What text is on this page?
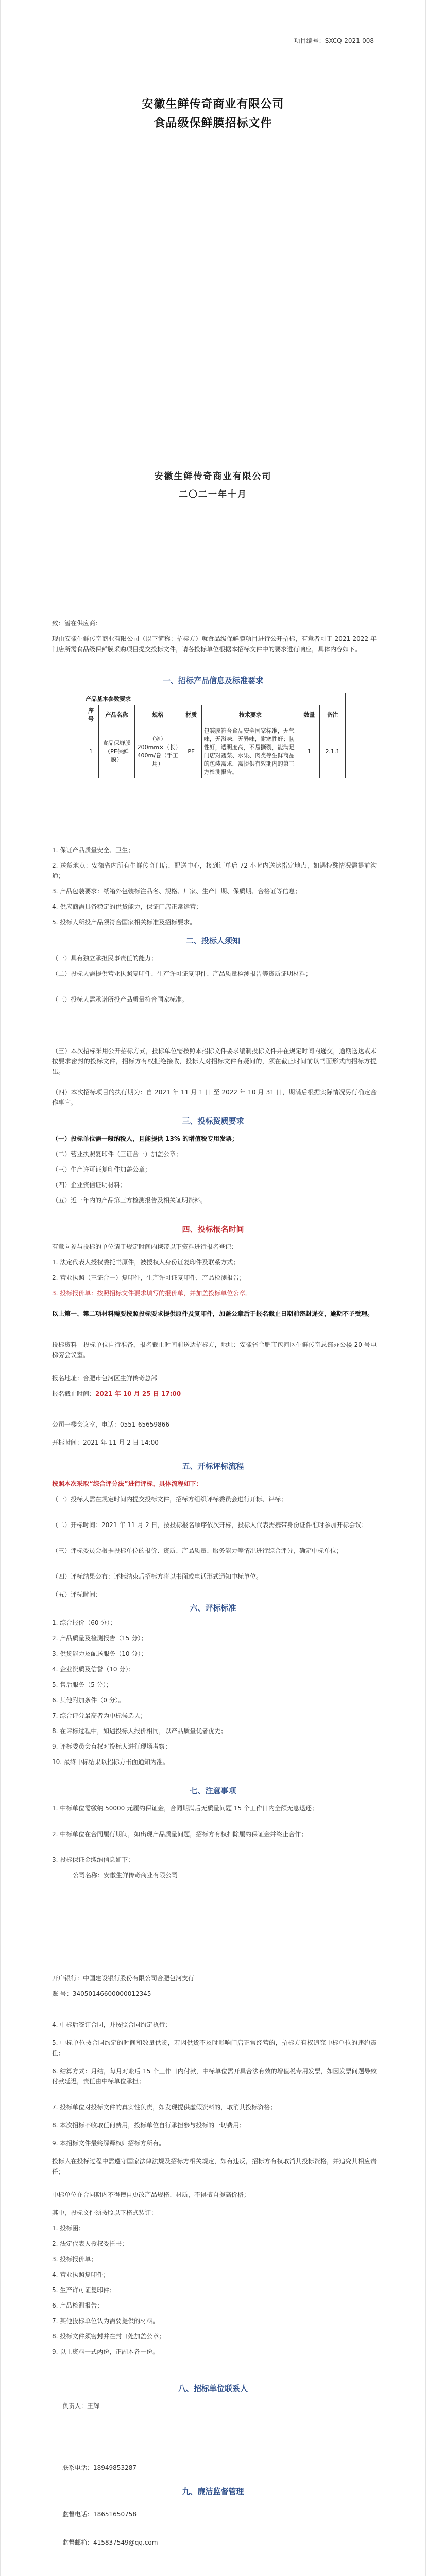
项目编号：SXCQ-2021-008
安徽生鲜传奇商业有限公司
食品级保鲜膜招标文件
安徽生鲜传奇商业有限公司
二〇二一年十月
致：潜在供应商：
现由安徽生鲜传奇商业有限公司（以下简称：招标方）就食品级保鲜膜项目进行公开招标，有意者可于 2021-2022 年门店所需食品级保鲜膜采购项目提交投标文件，请各投标单位根据本招标文件中的要求进行响应，具体内容如下。
一、招标产品信息及标准要求
产品基本参数要求						
序号	产品名称	规格	材质	技术要求	数量	备注
1	食品保鲜膜（PE保鲜膜）	（宽）200mm×（长）400m/卷（手工用）	PE	包装膜符合食品安全国家标准，无气味，无溢味，无异味，耐寒性好；韧性好，透明度高，不易撕裂，能满足门店对蔬菜、水果、肉类等生鲜商品的包装需求，需提供有效期内的第三方检测报告。	1	2.1.1
1. 保证产品质量安全、卫生；
2. 送货地点：安徽省内所有生鲜传奇门店、配送中心，接到订单后 72 小时内送达指定地点，如遇特殊情况需提前沟通；
3. 产品包装要求：纸箱外包装标注品名、规格、厂家、生产日期、保质期、合格证等信息；
4. 供应商需具备稳定的供货能力，保证门店正常运营；
5. 投标人所投产品须符合国家相关标准及招标要求。
二、投标人须知
（一）具有独立承担民事责任的能力；
（二）投标人需提供营业执照复印件、生产许可证复印件、产品质量检测报告等资质证明材料；
（三）投标人需承诺所投产品质量符合国家标准。
（三）本次招标采用公开招标方式，投标单位需按照本招标文件要求编制投标文件并在规定时间内递交，逾期送达或未按要求密封的投标文件，招标方有权拒绝接收，投标人对招标文件有疑问的，须在截止时间前以书面形式向招标方提出。
（四）本次招标项目的执行期为：自 2021 年 11 月 1 日 至 2022 年 10 月 31 日，期满后根据实际情况另行确定合作事宜。
三、投标资质要求
（一）投标单位需一般纳税人，且能提供 13% 的增值税专用发票；
（二）营业执照复印件（三证合一）加盖公章；
（三）生产许可证复印件加盖公章；
（四）企业资信证明材料；
（五）近一年内的产品第三方检测报告及相关证明资料。
四、投标报名时间
有意向参与投标的单位请于规定时间内携带以下资料进行报名登记：
1. 法定代表人授权委托书原件，被授权人身份证复印件及联系方式；
2. 营业执照（三证合一）复印件，生产许可证复印件，产品检测报告；
3. 投标报价单：按照招标文件要求填写的报价单，并加盖投标单位公章。
以上第一、第二项材料需要按照投标要求提供原件及复印件，加盖公章后于报名截止日期前密封递交，逾期不予受理。
投标资料由投标单位自行准备，报名截止时间前送达招标方，地址：安徽省合肥市包河区生鲜传奇总部办公楼 20 号电梯旁会议室。
报名地址：合肥市包河区生鲜传奇总部
报名截止时间：2021 年 10 月 25 日 17:00
公司一楼会议室，电话：0551-65659866
开标时间：2021 年 11 月 2 日 14:00
五、开标评标流程
按照本次采取“综合评分法”进行评标，具体流程如下：
（一）投标人需在规定时间内提交投标文件，招标方组织评标委员会进行开标、评标；
（二）开标时间：2021 年 11 月 2 日，按投标报名顺序依次开标，投标人代表需携带身份证件准时参加开标会议；
（三）评标委员会根据投标单位的报价、资质、产品质量、服务能力等情况进行综合评分，确定中标单位；
（四）评标结果公布：评标结束后招标方将以书面或电话形式通知中标单位。
（五）评标时间：
六、评标标准
1. 综合报价（60 分）；
2. 产品质量及检测报告（15 分）；
3. 供货能力及配送服务（10 分）；
4. 企业资质及信誉（10 分）；
5. 售后服务（5 分）；
6. 其他附加条件（0 分）。
7. 综合评分最高者为中标候选人；
8. 在评标过程中，如遇投标人报价相同，以产品质量优者优先；
9. 评标委员会有权对投标人进行现场考察；
10. 最终中标结果以招标方书面通知为准。
七、注意事项
1. 中标单位需缴纳 50000 元履约保证金，合同期满后无质量问题 15 个工作日内全额无息退还；
2. 中标单位在合同履行期间，如出现产品质量问题，招标方有权扣除履约保证金并终止合作；
3. 投标保证金缴纳信息如下：
公司名称：安徽生鲜传奇商业有限公司
开户银行：中国建设银行股份有限公司合肥包河支行
账 号：34050146600000012345
4. 中标后签订合同，并按照合同约定执行；
5. 中标单位按合同约定的时间和数量供货，若因供货不及时影响门店正常经营的，招标方有权追究中标单位的违约责任；
6. 结算方式：月结，每月对账后 15 个工作日内付款，中标单位需开具合法有效的增值税专用发票，如因发票问题导致付款延迟，责任由中标单位承担；
7. 投标单位对投标文件的真实性负责，如发现提供虚假资料的，取消其投标资格；
8. 本次招标不收取任何费用，投标单位自行承担参与投标的一切费用；
9. 本招标文件最终解释权归招标方所有。
投标人在投标过程中需遵守国家法律法规及招标方相关规定，如有违反，招标方有权取消其投标资格，并追究其相应责任；
中标单位在合同期内不得擅自更改产品规格、材质，不得擅自提高价格；
其中，投标文件须按照以下格式装订：
1. 投标函；
2. 法定代表人授权委托书；
3. 投标报价单；
4. 营业执照复印件；
5. 生产许可证复印件；
6. 产品检测报告；
7. 其他投标单位认为需要提供的材料。
8. 投标文件须密封并在封口处加盖公章；
9. 以上资料一式两份，正副本各一份。
八、招标单位联系人
负责人：王辉
联系电话：18949853287
九、廉洁监督管理
监督电话：18651650758
监督邮箱：415837549@qq.com
